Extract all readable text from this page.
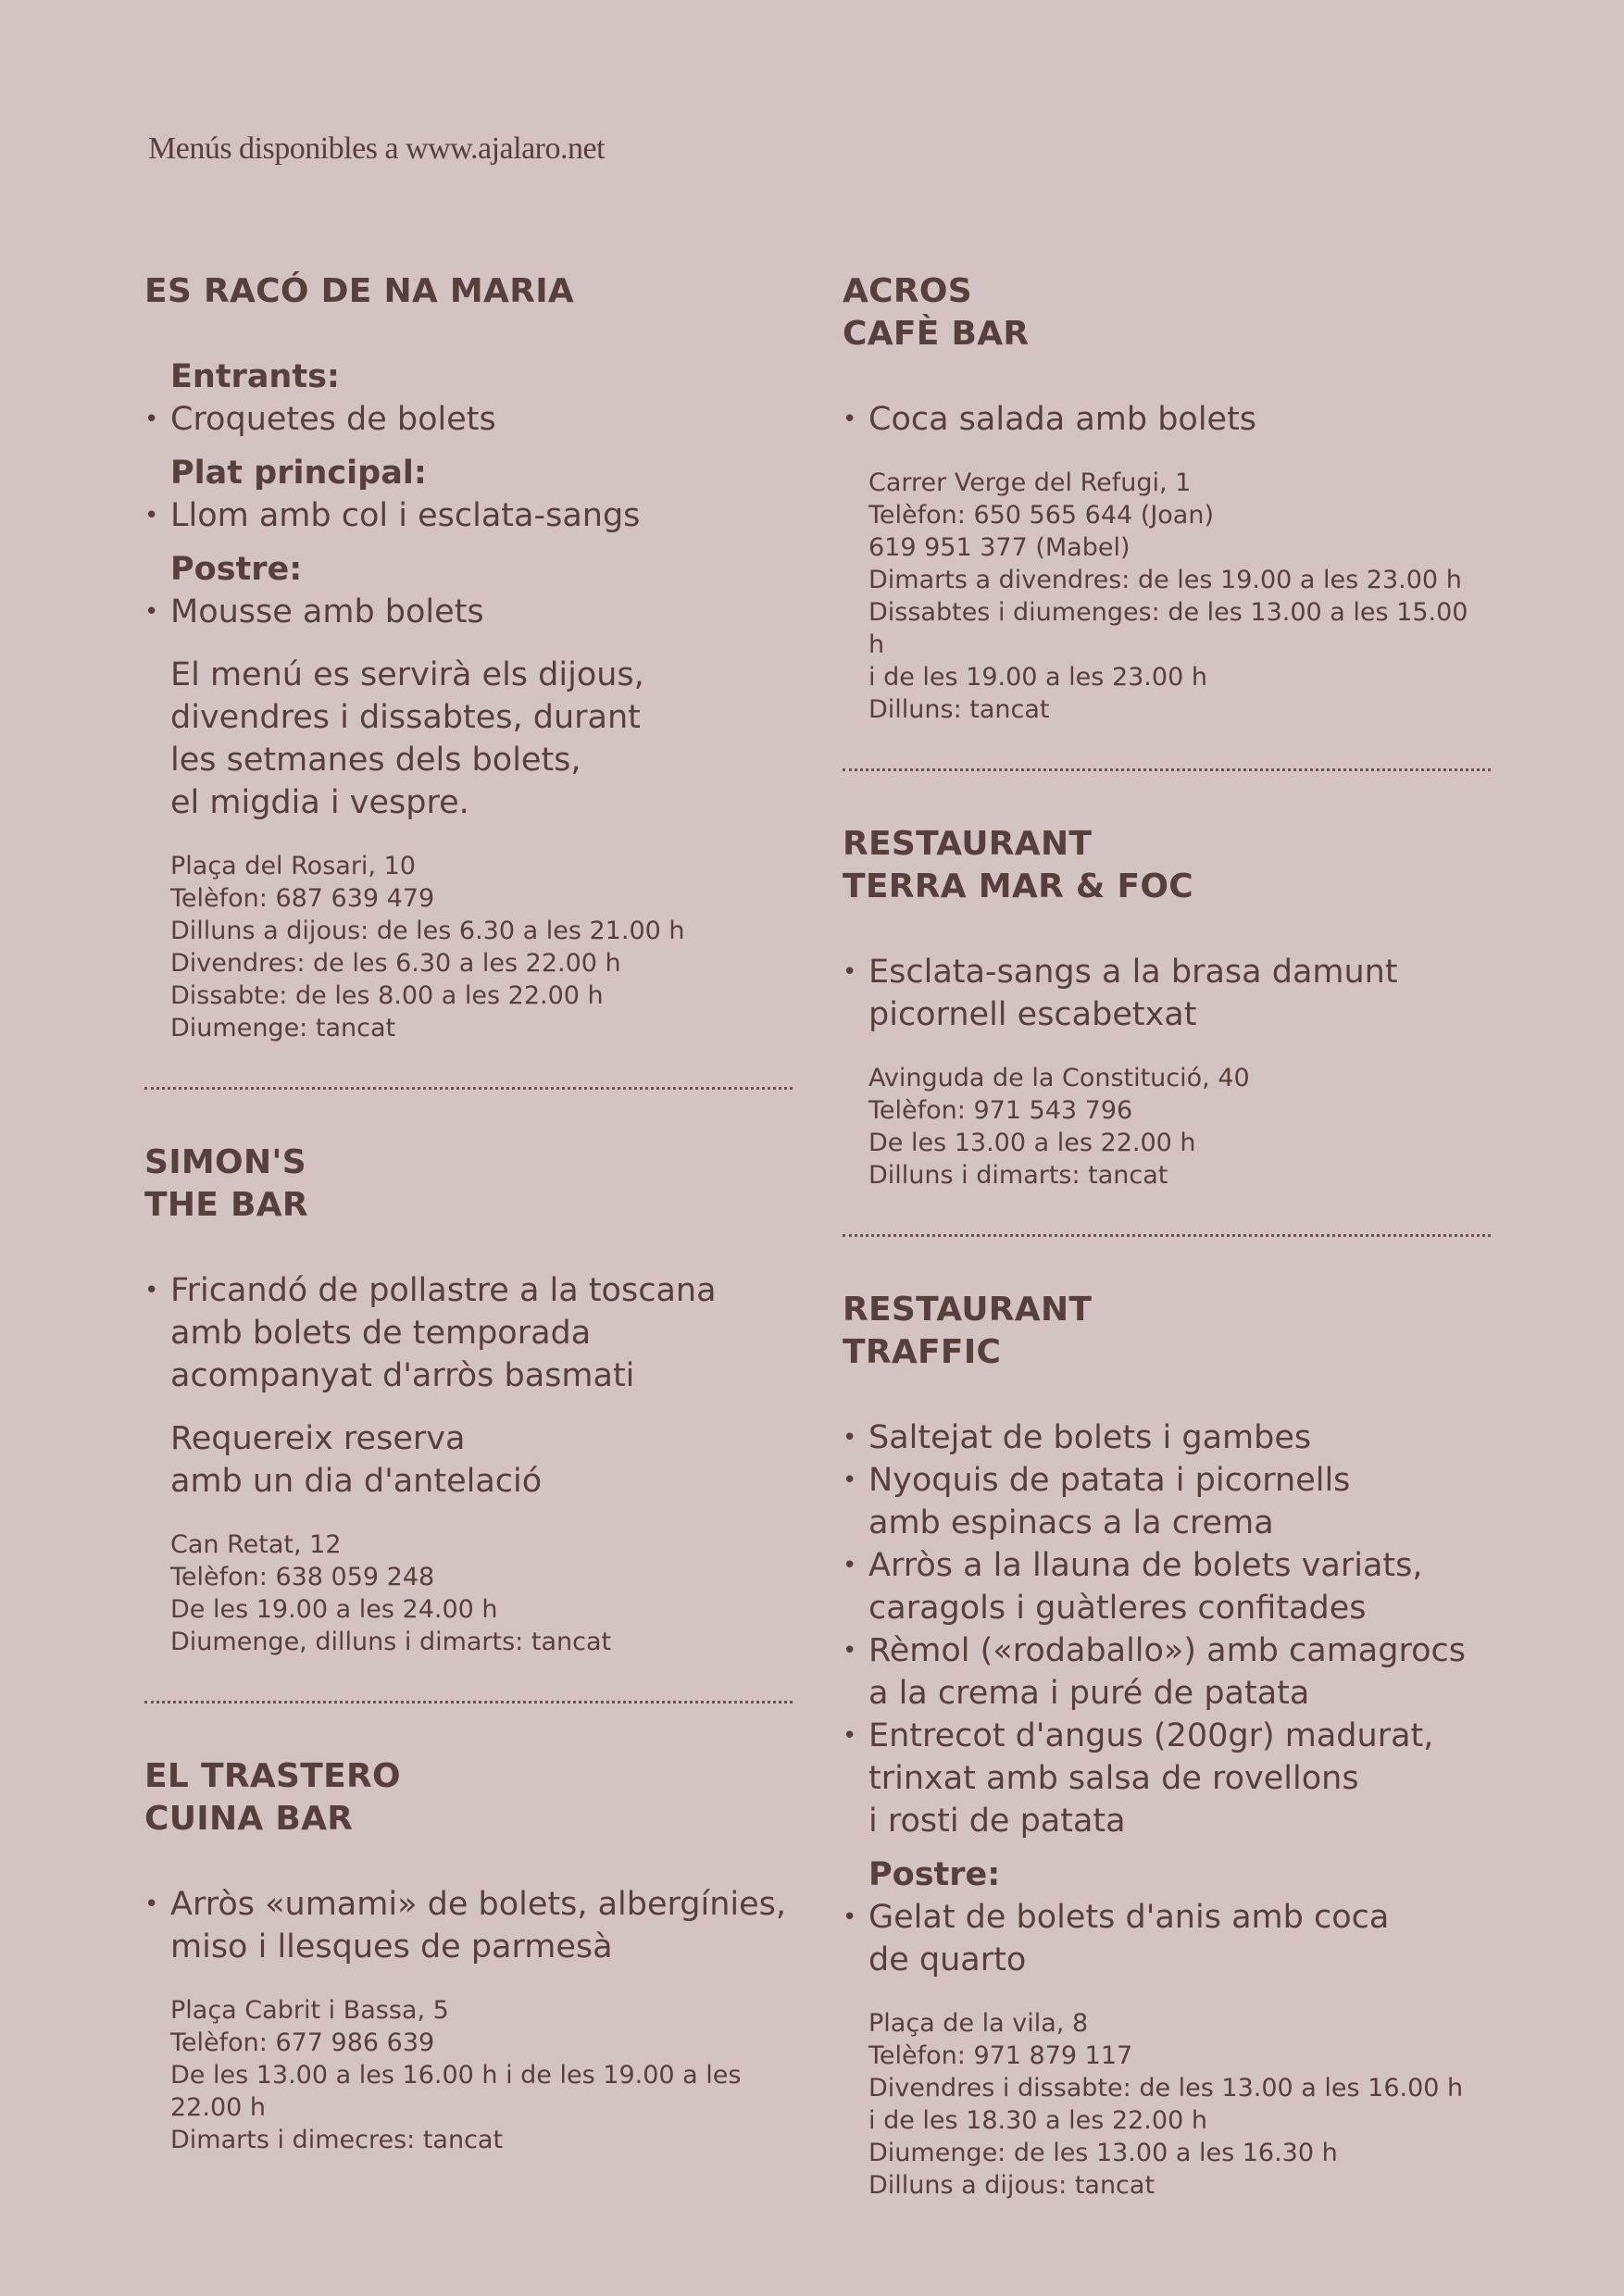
Menús disponibles a www.ajalaro.net
ES RACÓ DE NA MARIA
Entrants:
• Croquetes de bolets
Plat principal:
• Llom amb col i esclata-sangs
Postre:
• Mousse amb bolets
El menú es servirà els dijous,
divendres i dissabtes, durant
les setmanes dels bolets,
el migdia i vespre.
Plaça del Rosari, 10
Telèfon: 687 639 479
Dilluns a dijous: de les 6.30 a les 21.00 h
Divendres: de les 6.30 a les 22.00 h
Dissabte: de les 8.00 a les 22.00 h
Diumenge: tancat
SIMON'S
THE BAR
• Fricandó de pollastre a la toscana
amb bolets de temporada
acompanyat d'arròs basmati
Requereix reserva
amb un dia d'antelació
Can Retat, 12
Telèfon: 638 059 248
De les 19.00 a les 24.00 h
Diumenge, dilluns i dimarts: tancat
EL TRASTERO
CUINA BAR
• Arròs «umami» de bolets, albergínies,
miso i llesques de parmesà
Plaça Cabrit i Bassa, 5
Telèfon: 677 986 639
De les 13.00 a les 16.00 h i de les 19.00 a les 22.00 h
Dimarts i dimecres: tancat
ACROS
CAFÈ BAR
• Coca salada amb bolets
Carrer Verge del Refugi, 1
Telèfon: 650 565 644 (Joan)
619 951 377 (Mabel)
Dimarts a divendres: de les 19.00 a les 23.00 h
Dissabtes i diumenges: de les 13.00 a les 15.00 h
i de les 19.00 a les 23.00 h
Dilluns: tancat
RESTAURANT
TERRA MAR & FOC
• Esclata-sangs a la brasa damunt
picornell escabetxat
Avinguda de la Constitució, 40
Telèfon: 971 543 796
De les 13.00 a les 22.00 h
Dilluns i dimarts: tancat
RESTAURANT
TRAFFIC
• Saltejat de bolets i gambes
• Nyoquis de patata i picornells
amb espinacs a la crema
• Arròs a la llauna de bolets variats,
caragols i guàtleres confitades
• Rèmol («rodaballo») amb camagrocs
a la crema i puré de patata
• Entrecot d'angus (200gr) madurat,
trinxat amb salsa de rovellons
i rosti de patata
Postre:
• Gelat de bolets d'anis amb coca
de quarto
Plaça de la vila, 8
Telèfon: 971 879 117
Divendres i dissabte: de les 13.00 a les 16.00 h
i de les 18.30 a les 22.00 h
Diumenge: de les 13.00 a les 16.30 h
Dilluns a dijous: tancat
